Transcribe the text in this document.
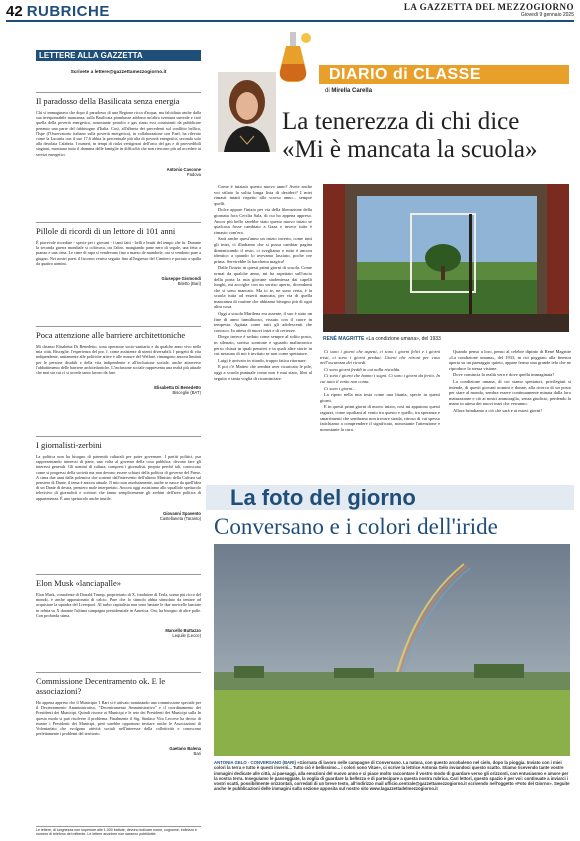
42 RUBRICHE	LA GAZZETTA DEL MEZZOGIORNO
Giovedì 9 gennaio 2025
LETTERE ALLA GAZZETTA
Scrivete a lettere@gazzettamezzogiorno.it
Il paradosso della Basilicata senza energia
Chi si immaginava che dopo il paradosso di una Regione ricca d'acqua, ma falcidiata anche dalla sua irresponsabile mancanza, sulla Basilicata piombasse addosso un'altra sventura surreale e cioè quella della povertà energetica, nonostante petrolio e gas siano essi consistenti da pubblicare pertanto una parte del fabbisogno d'Italia. Così, all'alberta dei precedenti sul conflitto bellico, l'Ispe (l'Osservatorio italiano sulla povertà energetica), in collaborazione con Enel, ha rilevato come la Lucania con il suo 17,6 abbia la percentuale più alta di povertà energetica, seconda solo alla desolata Calabria. I numeri, in tempi di rialzi vertiginosi dell'arco del gas e di provvedibili stagioni, mostrano tutto il dramma delle famiglie in difficoltà che non riescono più ad accedere ai servizi energetici.
Antonio Cascone
Padova
Pillole di ricordi di un lettore di 101 anni
È piacevole ricordare - specie per i giovani - i tanti fatti - belli e brutti del tempo che fu. Durante la seconda guerra mondiale si coltivava, tra l'altro, mangiando pane nero di segale, una fetta a pranzo e una cena. Le cime di rapa si vendevano fino a marzo de mandorle, ora si vendono pure a giugno. Nei nostri paesi il liscerno veniva seguito fino all'ingresso del Cimitero e portato a spalla da quattro uomini.
Giuseppe Gismondi
Bitetto (Bari)
Poca attenzione alle barriere architettoniche
Mi chiamo Elisabetta Di Benedetto, sono operatore socio-sanitario e da qualche anno vivo nella mia città, Bisceglie. l'esperienza del pro. f. come assistente di utenti diversabili. I progetti di vita indipendente, unitamente alle politiche attive e alle misure del Welfare, rimangono ancora limitati per le persone disabili e della vita indipendente e all'inclusione sociale, anche attraverso l'abbattimento delle barriere architettoniche. L'inclusione sociale rappresenta una realtà più attuale che mai sia cui ci si accede tanto lavoro da fare.
Elisabetta Di Benedetto
Bisceglie (BAT)
I giornalisti-zerbini
La politica non ha bisogno di paternità culturali per poter governare. I partiti politici, pur rappresentando interessi di parte, una volta al governo della cosa pubblica, devono fare gli interessi generali. Gli uomini di cultura, compresi i giornalisti, proprio perché tali, conoscono come si progressi della società ma non devono essere schiavi della politica di governo del Paese. A cima due anni dalla polemica che scatenò dall'intervento dell'ultimo Ministro della Cultura sul pensiero di Dante, il tema è ancora attuale. Il mio non assolutamente, anche se nasce da quell'idea di un Dante di destra, pensiero male interpretato. Ancora oggi assistiamo allo squallido spettacolo televisivo di giornalisti e scrittori che fanno semplicemente gli zerbini dell'area politica di appartenenza. È uno spettacolo anche inutile.
Giovanni Spavento
Castellaneta (Taranto)
Elon Musk «lanciapalle»
Elon Musk, consulente di Donald Trump, proprietario di X, fondatore di Tesla, uomo più ricco del mondo, è anche appassionato di calcio. Pare che lo stimolo abbia stimolato da tentare ad acquistare la squadra del Liverpool. Al turbo capitalista non sono bastate le due navicelle lanciate in orbita su X durante l'ultima campagna presidenziale in America. Ora, ha bisogno di altre palle. Con profonda stima.
Marcello Buttazzo
Lequile (Lecce)
Commissione Decentramento ok. E le associazioni?
Ho appena appreso che il Municipio 1 Bari si è attivato nominando una commissione speciale per il Decentramento Amministrativo, "Decentramento Amministrativo" e il coordinamento dei Presidenti dei Municipi. Quindi risorse ai Municipi e le rete dei Presidenti dei Municipi sulla In questo modo si può risolvere il problema. Finalmente il Sig. Sindaco Vito Leccese ha deciso di riunire i Presidenti dei Municipi, però sarebbe opportuno invitare anche le Associazioni di Volontariato che svolgono attività sociali nell'interesse della collettività e conoscono perfettamente i problemi del territorio.
Gaetano Balena
Bari
Le lettere, di lunghezza non superiore alle 1.000 battute, devono indicare nome, cognome, indirizzo e numero di telefono del mittente. Le lettere anonime non saranno pubblicate.
DIARIO di CLASSE
di Mirella Carella
La tenerezza di chi dice
«Mi è mancata la scuola»

Come è iniziato questo nuovo anno? Avete anche voi stilato la solita lunga lista di desideri? I miei rimasti intatti rispetto allo scorso anno... sempre quelli.

Dolce appare l'inizio per via della liberazione della giornata fora Cecilia Sala, di cui ho appena appreso. Ancor più bello sarebbe stato questo nuovo inizio se qualcosa fosse cambiato a Gaza e invece tutto è rimasto com'era.

Sarà anche quest'anno un inizio incerto, come tutti gli inizi, ci illudiamo che si possa cambiar pagina dimenticando il resto, ci svegliamo e tutto è ancora identico a quando lo avevamo lasciato, poche ore prima. Servirebbe la bacchetta magica!

Dalle l'inizio in questi primi giorni di scuola. Come ormai da qualche anno, mi ha aspettato sull'uscio della porta la mia giovane studentessa dai capelli lunghi, mi accoglie con un sorriso aperto, dicendomi che si sono mancato. Ma io te, ne sono certa, è la scuola tutta ad esserti mancata, per via di quella mancanza di routine che abbiamo bisogno più di ogni altra cosa.

Oggi a scuola Marilena era assente, il suo è stato un fine di anno tumultuoso, vissuto con il cuore in tempesta. Agitata come tutti gli adolescenti che conosco. In attesa di nuovi inizi e di certezze.

Diego invece è seduto come sempre al solito posto, in silenzio, sorriso sornione e sguardo malinconico perso chissà in quali pensieri e in quali altre storie in cui nessuno di noi è invitato se non come spettatore.

Luigi è arrivato in ritardo, troppo fatica ritornare.

E poi c'è Matteo che sembra aver ricaricato le pile, oggi a scuola puntuale come non è mai stato, libri al seguito e tanta voglia di ricominciare.

RENÉ MAGRITTE «La condizione umana», del 1933

Ci sono i giorni che aspetti, ci sono i giorni felici e i giorni tristi, ci sono i giorni perduti. Giorni che ritroni per caso nell'oscurezza dei ricordi.

Ci sono giorni freddi in cui nulla riscalda.

Ci sono i giorni che hanno i sogni. Ci sono i giorni da ferito. In cui tutto il vento non conta.

Ci sono i giorni...

La ripeto nella mia testa come una litania, specie in questi giorni.

E in questi primi giorni di nuovo inizio, così mi appaiono questi ragazzi, come squiliani al vento tra questo e quello, tra speranze e smarrimenti che sembrano non trovare strada, ritroso di cui spesso fatichiamo a comprendere il significato, nonostante l'attenzione e nonostante la cura.

Quando penso a loro, penso al celebre dipinto di René Magritte «La condizione umana», del 1933, in cui poggiato alla finestra aperta su un paesaggio quieto, appare fermo una grande tela che ne riproduce la stessa visione.

Dove comincia la realtà vera e dove quella immaginata?

La condizione umana, di cui siamo spettatori, privilegiati si intende, di questi giovani uomini e donne, alla ricerca di un posto per stare al mondo, sembra essere continuamente minata dalla loro maturazione e ciò ai nostri ammiraglio, senza giudicio, perdendo la mano in attesa dei nuovi inizi che verranno.

Allora brindiamo a ciò che sarà e ai nuovi giorni!

La foto del giorno
Conversano e i colori dell'iride
ANTONIA GELO - CONVERSANO (BARI) «Giornata di lavoro nelle campagne di Conversano. La natura, con questo arcobaleno nel cielo, dopo la pioggia. Inviato con i miei colori la terra e tutto è questi inverni... Tutto ciò è bellissimo... i colori sono Vitae», ci scrive la lettrice Antonia Gelo inviandoci questo scatto. Stiamo ricevendo tante vostre immagini dedicate alle città, ai paesaggi, alla emozioni del nuovo anno e ci piace molto raccontare il vostro modo di guardare verso gli orizzonti, con entusiasmo e amore per la vostra terra. Inseguiamo le passeggiate, la voglia di guardare la bellezza e di partecipare a questa nostra rubrica. Cari lettori, questo spazio è per voi: continuate a inviarci i vostri scatti, possibilmente orizzontali, corredati di un breve testo, all'indirizzo mail ufficio.centrale@gazzettamezzogiorno.it scrivendo nell'oggetto «Foto del Giorno». Seguite anche le pubblicazioni delle immagini sulla sezione apposita sul nostro sito www.lagazzettadelmezzogiorno.it
